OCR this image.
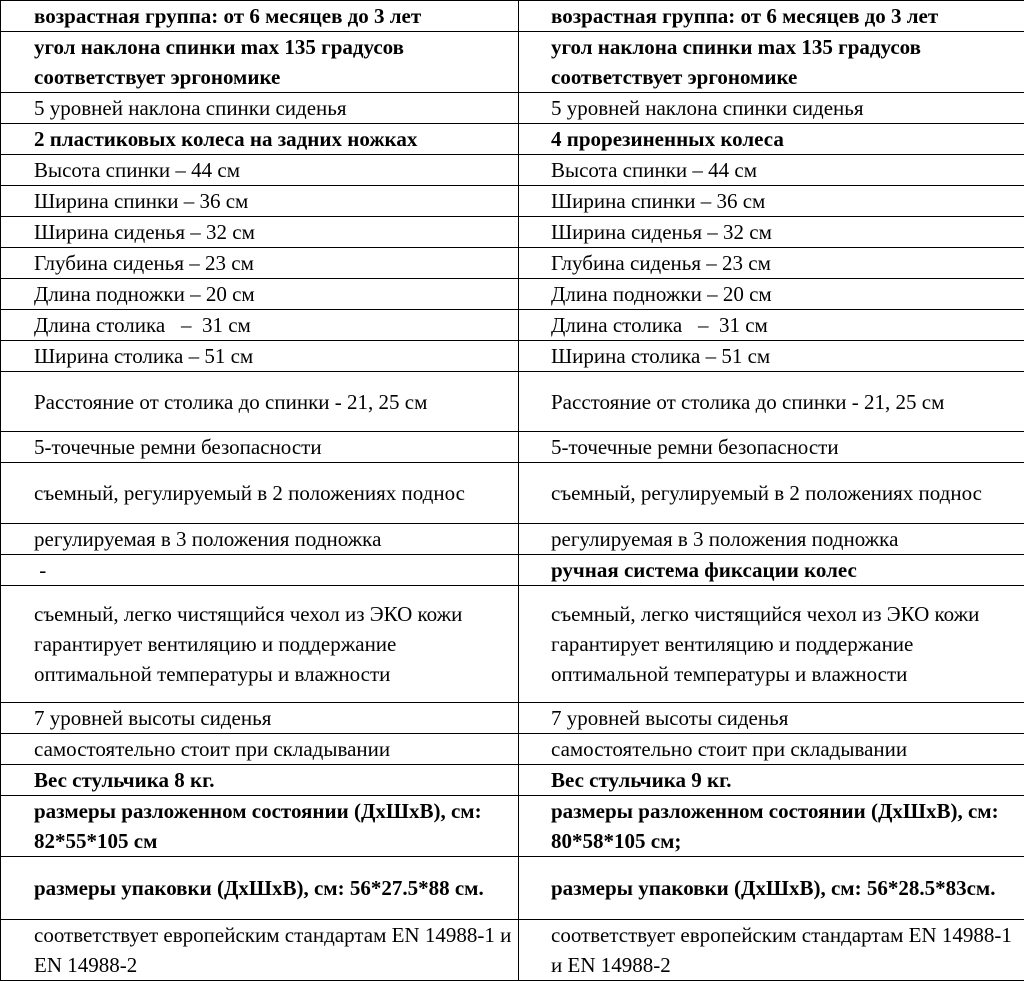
возрастная группа: от 6 месяцев до 3 лет	возрастная группа: от 6 месяцев до 3 лет
угол наклона спинки max 135 градусов соответствует эргономике	угол наклона спинки max 135 градусов соответствует эргономике
5 уровней наклона спинки сиденья	5 уровней наклона спинки сиденья
2 пластиковых колеса на задних ножках	4 прорезиненных колеса
Высота спинки – 44 см	Высота спинки – 44 см
Ширина спинки – 36 см	Ширина спинки – 36 см
Ширина сиденья – 32 см	Ширина сиденья – 32 см
Глубина сиденья – 23 см	Глубина сиденья – 23 см
Длина подножки – 20 см	Длина подножки – 20 см
Длина столика   –  31 см	Длина столика   –  31 см
Ширина столика – 51 см	Ширина столика – 51 см
Расстояние от столика до спинки - 21, 25 см	Расстояние от столика до спинки - 21, 25 см
5-точечные ремни безопасности	5-точечные ремни безопасности
съемный, регулируемый в 2 положениях поднос	съемный, регулируемый в 2 положениях поднос
регулируемая в 3 положения подножка	регулируемая в 3 положения подножка
-	ручная система фиксации колес
съемный, легко чистящийся чехол из ЭКО кожи гарантирует вентиляцию и поддержание оптимальной температуры и влажности	съемный, легко чистящийся чехол из ЭКО кожи гарантирует вентиляцию и поддержание оптимальной температуры и влажности
7 уровней высоты сиденья	7 уровней высоты сиденья
самостоятельно стоит при складывании	самостоятельно стоит при складывании
Вес стульчика 8 кг.	Вес стульчика 9 кг.
размеры разложенном состоянии (ДхШхВ), см: 82*55*105 см	размеры разложенном состоянии (ДхШхВ), см: 80*58*105 см;
размеры упаковки (ДхШхВ), см: 56*27.5*88 см.	размеры упаковки (ДхШхВ), см: 56*28.5*83см.
соответствует европейским стандартам EN 14988-1 и EN 14988-2	соответствует европейским стандартам EN 14988-1 и EN 14988-2
